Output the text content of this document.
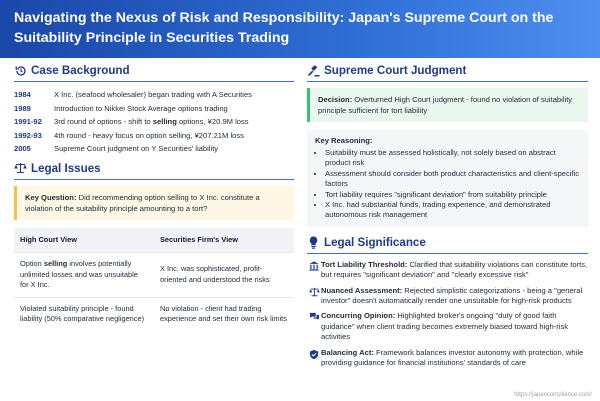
Navigating the Nexus of Risk and Responsibility: Japan's Supreme Court on the Suitability Principle in Securities Trading
Case Background
1984	X Inc. (seafood wholesaler) began trading with A Securities
1989	Introduction to Nikkei Stock Average options trading
1991-92	3rd round of options - shift to selling options, ¥20.9M loss
1992-93	4th round - heavy focus on option selling, ¥207.21M loss
2005	Supreme Court judgment on Y Securities' liability
Legal Issues
Key Question: Did recommending option selling to X Inc. constitute a violation of the suitability principle amounting to a tort?
High Court View	Securities Firm's View
Option selling involves potentially unlimited losses and was unsuitable for X Inc.	X Inc. was sophisticated, profit-oriented and understood the risks
Violated suitability principle - found liability (50% comparative negligence)	No violation - client had trading experience and set their own risk limits
Supreme Court Judgment
Decision: Overturned High Court judgment - found no violation of suitability principle sufficient for tort liability
Key Reasoning:
• Suitability must be assessed holistically, not solely based on abstract product risk
• Assessment should consider both product characteristics and client-specific factors
• Tort liability requires "significant deviation" from suitability principle
• X Inc. had substantial funds, trading experience, and demonstrated autonomous risk management
Legal Significance
Tort Liability Threshold: Clarified that suitability violations can constitute torts, but requires "significant deviation" and "clearly excessive risk"
Nuanced Assessment: Rejected simplistic categorizations - being a "general investor" doesn't automatically render one unsuitable for high-risk products
Concurring Opinion: Highlighted broker's ongoing "duty of good faith guidance" when client trading becomes extremely biased toward high-risk activities
Balancing Act: Framework balances investor autonomy with protection, while providing guidance for financial institutions' standards of care
https://japancompliance.com/
